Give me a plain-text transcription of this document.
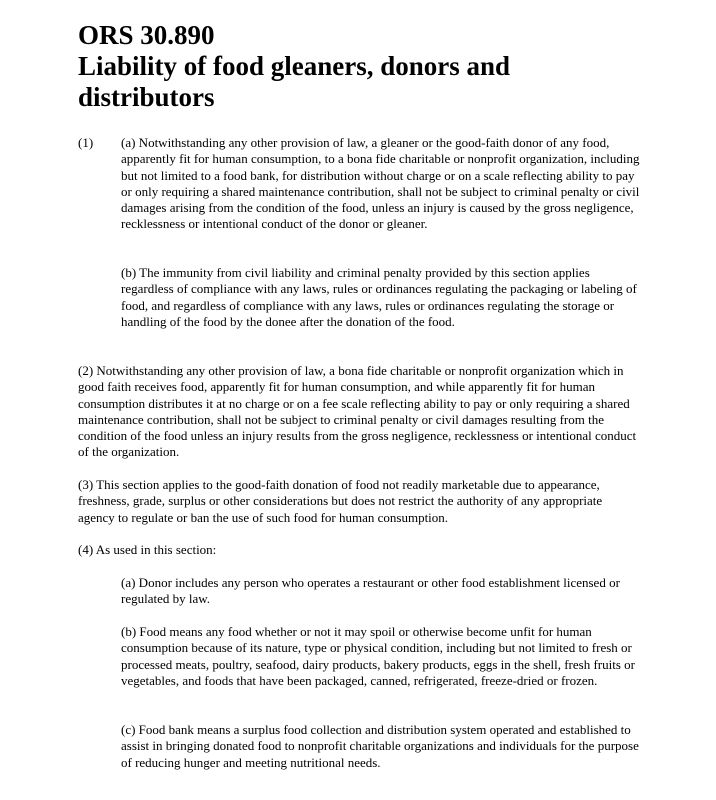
ORS 30.890
Liability of food gleaners, donors and
distributors
(1) (a) Notwithstanding any other provision of law, a gleaner or the good-faith donor of any food, apparently fit for human consumption, to a bona fide charitable or nonprofit organization, including but not limited to a food bank, for distribution without charge or on a scale reflecting ability to pay or only requiring a shared maintenance contribution, shall not be subject to criminal penalty or civil damages arising from the condition of the food, unless an injury is caused by the gross negligence, recklessness or intentional conduct of the donor or gleaner.

(b) The immunity from civil liability and criminal penalty provided by this section applies regardless of compliance with any laws, rules or ordinances regulating the packaging or labeling of food, and regardless of compliance with any laws, rules or ordinances regulating the storage or handling of the food by the donee after the donation of the food.

(2) Notwithstanding any other provision of law, a bona fide charitable or nonprofit organization which in good faith receives food, apparently fit for human consumption, and while apparently fit for human consumption distributes it at no charge or on a fee scale reflecting ability to pay or only requiring a shared maintenance contribution, shall not be subject to criminal penalty or civil damages resulting from the condition of the food unless an injury results from the gross negligence, recklessness or intentional conduct of the organization.

(3) This section applies to the good-faith donation of food not readily marketable due to appearance, freshness, grade, surplus or other considerations but does not restrict the authority of any appropriate agency to regulate or ban the use of such food for human consumption.

(4) As used in this section:

(a) Donor includes any person who operates a restaurant or other food establishment licensed or regulated by law.

(b) Food means any food whether or not it may spoil or otherwise become unfit for human consumption because of its nature, type or physical condition, including but not limited to fresh or processed meats, poultry, seafood, dairy products, bakery products, eggs in the shell, fresh fruits or vegetables, and foods that have been packaged, canned, refrigerated, freeze-dried or frozen.

(c) Food bank means a surplus food collection and distribution system operated and established to assist in bringing donated food to nonprofit charitable organizations and individuals for the purpose of reducing hunger and meeting nutritional needs.
